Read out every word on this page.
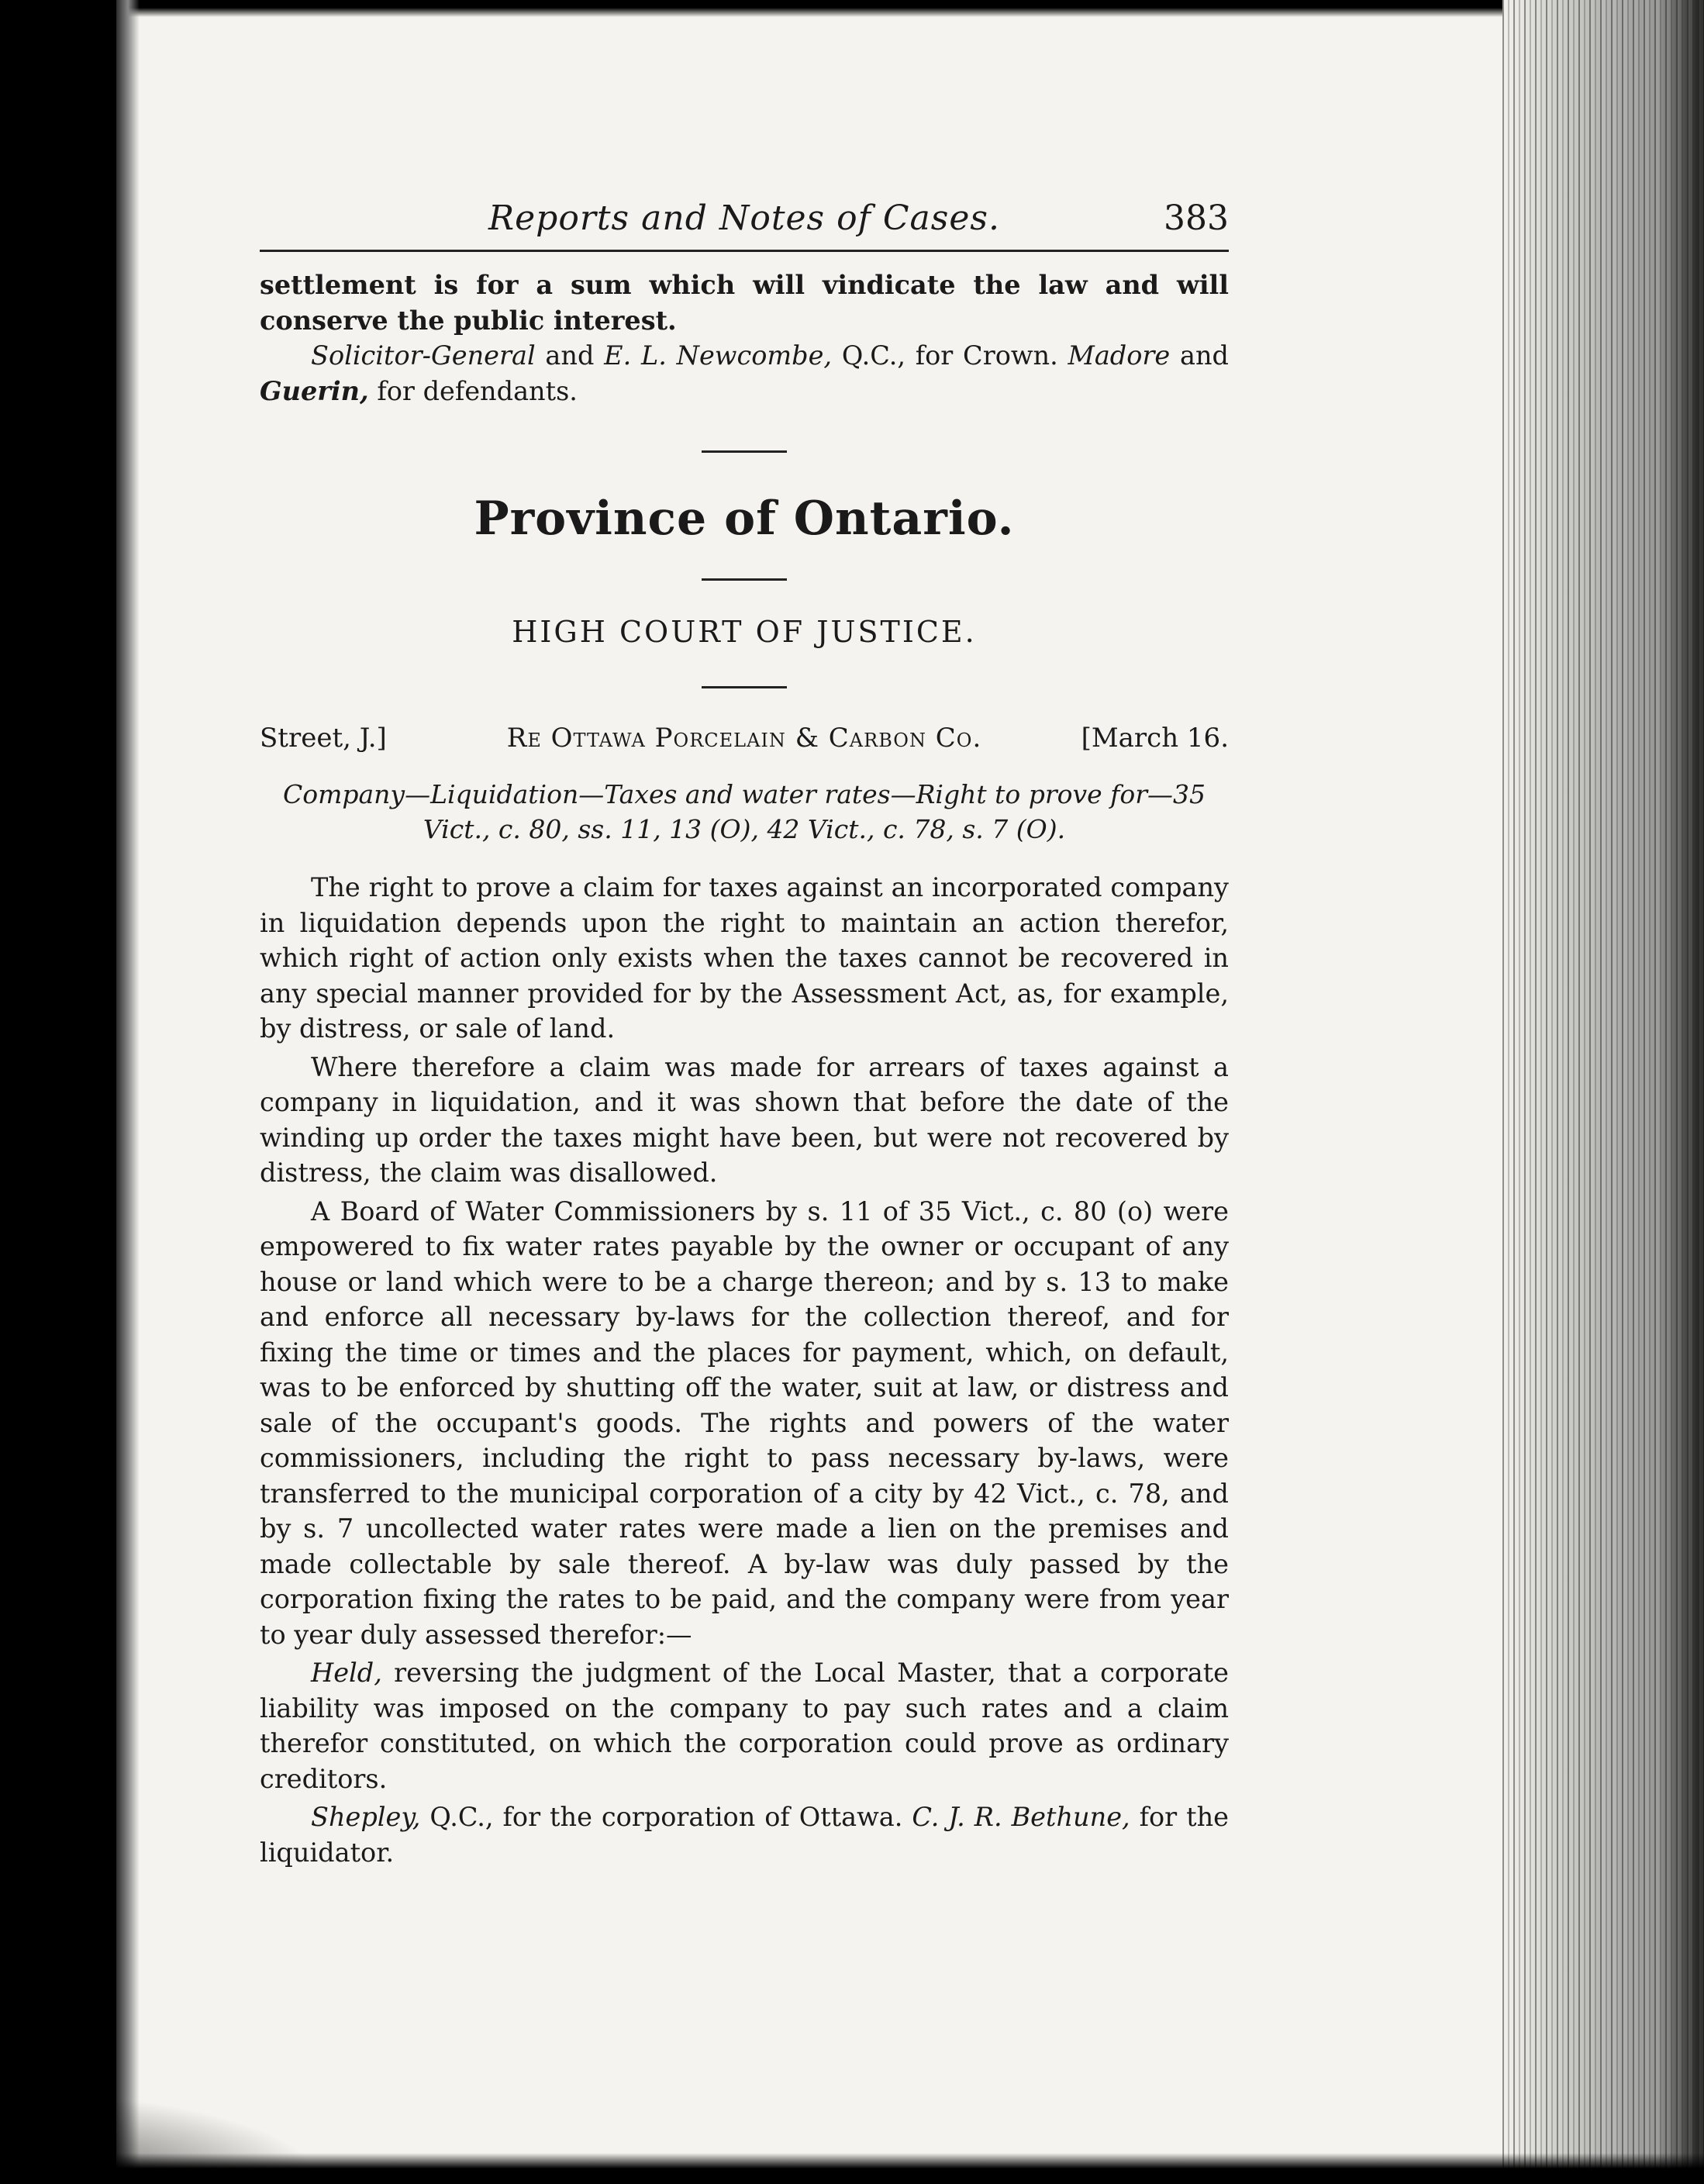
Reports and Notes of Cases.	383

settlement is for a sum which will vindicate the law and will conserve the public interest.

Solicitor-General and E. L. Newcombe, Q.C., for Crown. Madore and Guerin, for defendants.

Province of Ontario.
HIGH COURT OF JUSTICE.
Street, J.]	Re Ottawa Porcelain & Carbon Co.	[March 16.
Company—Liquidation—Taxes and water rates—Right to prove for—35
Vict., c. 80, ss. 11, 13 (O), 42 Vict., c. 78, s. 7 (O).

The right to prove a claim for taxes against an incorporated company in liquidation depends upon the right to maintain an action therefor, which right of action only exists when the taxes cannot be recovered in any special manner provided for by the Assessment Act, as, for example, by distress, or sale of land.

Where therefore a claim was made for arrears of taxes against a company in liquidation, and it was shown that before the date of the winding up order the taxes might have been, but were not recovered by distress, the claim was disallowed.

A Board of Water Commissioners by s. 11 of 35 Vict., c. 80 (o) were empowered to fix water rates payable by the owner or occupant of any house or land which were to be a charge thereon; and by s. 13 to make and enforce all necessary by-laws for the collection thereof, and for fixing the time or times and the places for payment, which, on default, was to be enforced by shutting off the water, suit at law, or distress and sale of the occupant's goods. The rights and powers of the water commissioners, including the right to pass necessary by-laws, were transferred to the municipal corporation of a city by 42 Vict., c. 78, and by s. 7 uncollected water rates were made a lien on the premises and made collectable by sale thereof. A by-law was duly passed by the corporation fixing the rates to be paid, and the company were from year to year duly assessed therefor:—

Held, reversing the judgment of the Local Master, that a corporate liability was imposed on the company to pay such rates and a claim therefor constituted, on which the corporation could prove as ordinary creditors.

Shepley, Q.C., for the corporation of Ottawa. C. J. R. Bethune, for the liquidator.
